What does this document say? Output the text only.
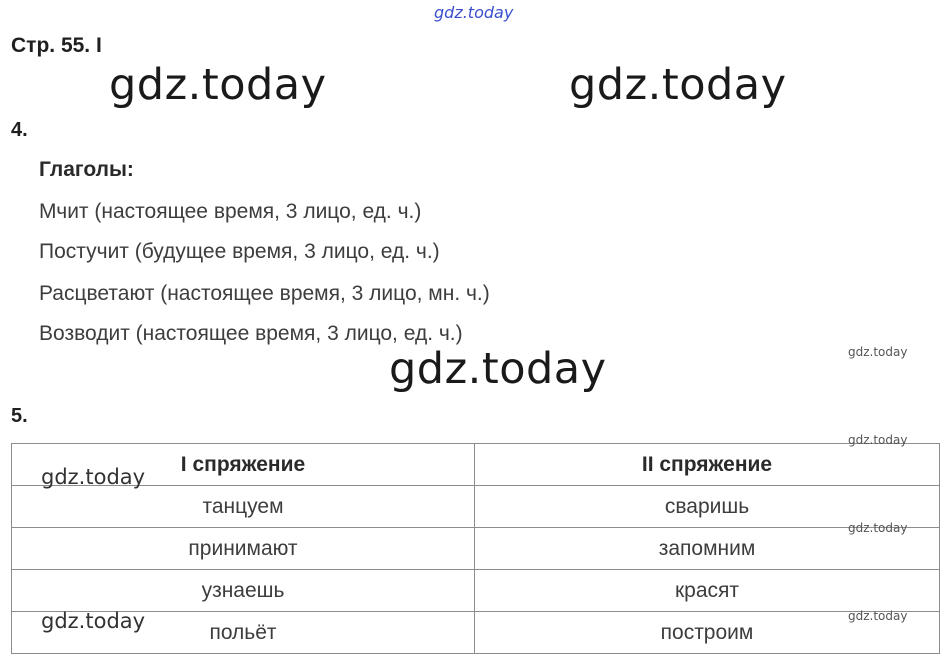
gdz.today
Стр. 55. I
gdz.today	gdz.today
4.
Глаголы:
Мчит (настоящее время, 3 лицо, ед. ч.)
Постучит (будущее время, 3 лицо, ед. ч.)
Расцветают (настоящее время, 3 лицо, мн. ч.)
Возводит (настоящее время, 3 лицо, ед. ч.)
gdz.today
gdz.today
5.
I спряжение	II спряжение
танцуем	сваришь
принимают	запомним
узнаешь	красят
польёт	построим
gdz.today
gdz.today
gdz.today
gdz.today
gdz.today
